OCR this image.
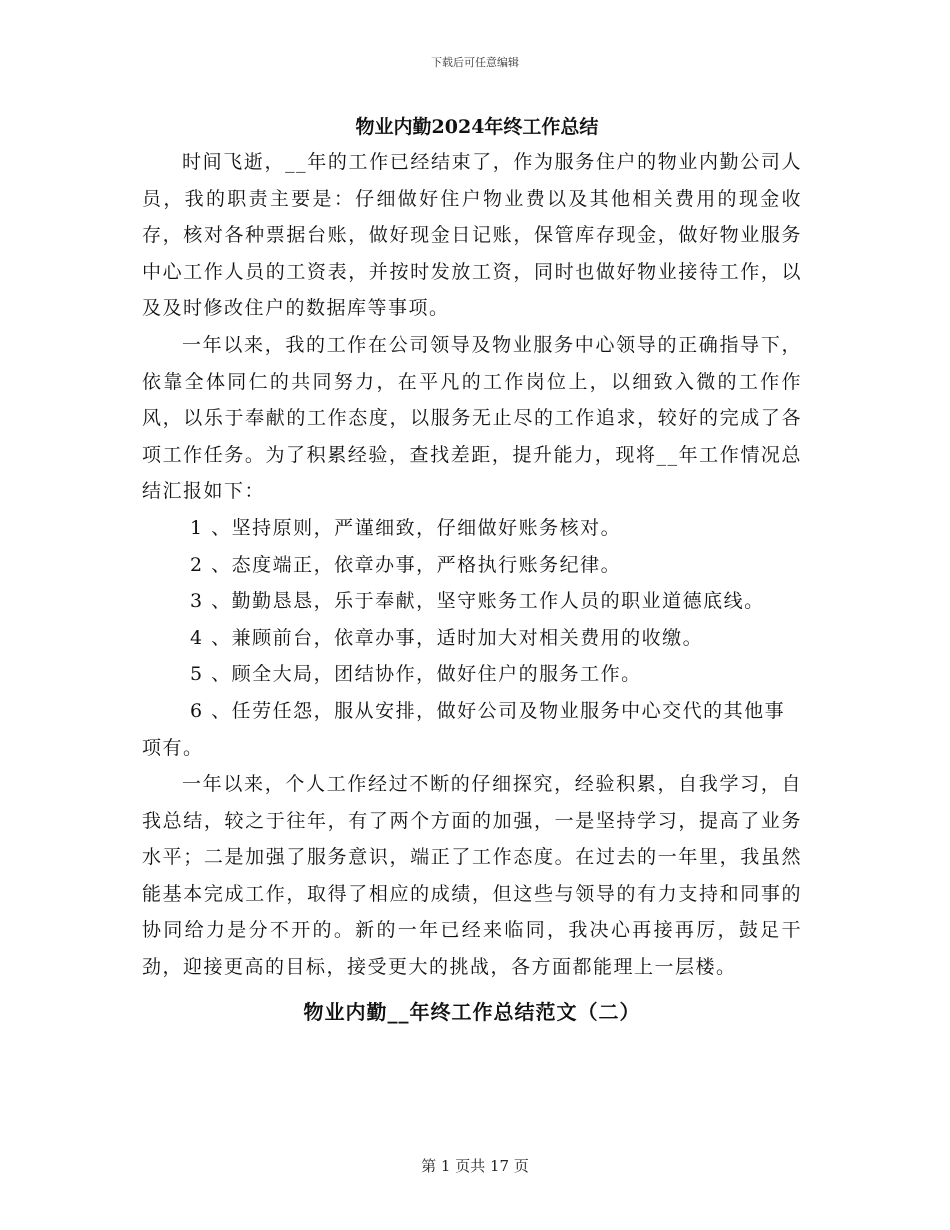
下载后可任意编辑
物业内勤2024年终工作总结

时间飞逝，__年的工作已经结束了，作为服务住户的物业内勤公司人员，我的职责主要是：仔细做好住户物业费以及其他相关费用的现金收存，核对各种票据台账，做好现金日记账，保管库存现金，做好物业服务中心工作人员的工资表，并按时发放工资，同时也做好物业接待工作，以及及时修改住户的数据库等事项。

一年以来，我的工作在公司领导及物业服务中心领导的正确指导下，依靠全体同仁的共同努力，在平凡的工作岗位上，以细致入微的工作作风，以乐于奉献的工作态度，以服务无止尽的工作追求，较好的完成了各项工作任务。为了积累经验，查找差距，提升能力，现将__年工作情况总结汇报如下：

1 、坚持原则，严谨细致，仔细做好账务核对。

2 、态度端正，依章办事，严格执行账务纪律。

3 、勤勤恳恳，乐于奉献，坚守账务工作人员的职业道德底线。

4 、兼顾前台，依章办事，适时加大对相关费用的收缴。

5 、顾全大局，团结协作，做好住户的服务工作。

6 、任劳任怨，服从安排，做好公司及物业服务中心交代的其他事项有。

一年以来，个人工作经过不断的仔细探究，经验积累，自我学习，自我总结，较之于往年，有了两个方面的加强，一是坚持学习，提高了业务水平；二是加强了服务意识，端正了工作态度。在过去的一年里，我虽然能基本完成工作，取得了相应的成绩，但这些与领导的有力支持和同事的协同给力是分不开的。新的一年已经来临同，我决心再接再厉，鼓足干劲，迎接更高的目标，接受更大的挑战，各方面都能理上一层楼。

物业内勤__年终工作总结范文（二）
第 1 页共 17 页
